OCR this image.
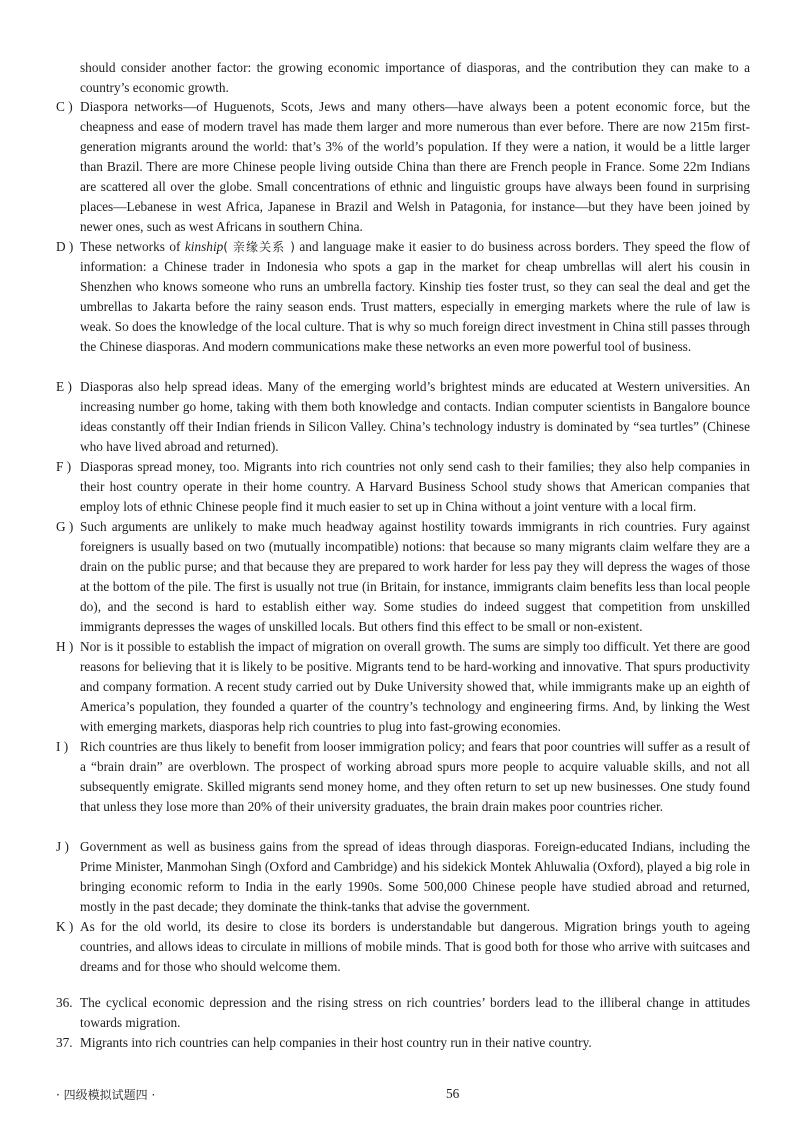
should consider another factor: the growing economic importance of diasporas, and the contribution they can make to a country’s economic growth.
C ) Diaspora networks—of Huguenots, Scots, Jews and many others—have always been a potent economic force, but the cheapness and ease of modern travel has made them larger and more numerous than ever before. There are now 215m first-generation migrants around the world: that’s 3% of the world’s population. If they were a nation, it would be a little larger than Brazil. There are more Chinese people living outside China than there are French people in France. Some 22m Indians are scattered all over the globe. Small concentrations of ethnic and linguistic groups have always been found in surprising places—Lebanese in west Africa, Japanese in Brazil and Welsh in Patagonia, for instance—but they have been joined by newer ones, such as west Africans in southern China.
D ) These networks of kinship( 亲缘关系 ) and language make it easier to do business across borders. They speed the flow of information: a Chinese trader in Indonesia who spots a gap in the market for cheap umbrellas will alert his cousin in Shenzhen who knows someone who runs an umbrella factory. Kinship ties foster trust, so they can seal the deal and get the umbrellas to Jakarta before the rainy season ends. Trust matters, especially in emerging markets where the rule of law is weak. So does the knowledge of the local culture. That is why so much foreign direct investment in China still passes through the Chinese diasporas. And modern communications make these networks an even more powerful tool of business.
E ) Diasporas also help spread ideas. Many of the emerging world’s brightest minds are educated at Western universities. An increasing number go home, taking with them both knowledge and contacts. Indian computer scientists in Bangalore bounce ideas constantly off their Indian friends in Silicon Valley. China’s technology industry is dominated by “sea turtles” (Chinese who have lived abroad and returned).
F ) Diasporas spread money, too. Migrants into rich countries not only send cash to their families; they also help companies in their host country operate in their home country. A Harvard Business School study shows that American companies that employ lots of ethnic Chinese people find it much easier to set up in China without a joint venture with a local firm.
G ) Such arguments are unlikely to make much headway against hostility towards immigrants in rich countries. Fury against foreigners is usually based on two (mutually incompatible) notions: that because so many migrants claim welfare they are a drain on the public purse; and that because they are prepared to work harder for less pay they will depress the wages of those at the bottom of the pile. The first is usually not true (in Britain, for instance, immigrants claim benefits less than local people do), and the second is hard to establish either way. Some studies do indeed suggest that competition from unskilled immigrants depresses the wages of unskilled locals. But others find this effect to be small or non-existent.
H ) Nor is it possible to establish the impact of migration on overall growth. The sums are simply too difficult. Yet there are good reasons for believing that it is likely to be positive. Migrants tend to be hard-working and innovative. That spurs productivity and company formation. A recent study carried out by Duke University showed that, while immigrants make up an eighth of America’s population, they founded a quarter of the country’s technology and engineering firms. And, by linking the West with emerging markets, diasporas help rich countries to plug into fast-growing economies.
I ) Rich countries are thus likely to benefit from looser immigration policy; and fears that poor countries will suffer as a result of a “brain drain” are overblown. The prospect of working abroad spurs more people to acquire valuable skills, and not all subsequently emigrate. Skilled migrants send money home, and they often return to set up new businesses. One study found that unless they lose more than 20% of their university graduates, the brain drain makes poor countries richer.
J ) Government as well as business gains from the spread of ideas through diasporas. Foreign-educated Indians, including the Prime Minister, Manmohan Singh (Oxford and Cambridge) and his sidekick Montek Ahluwalia (Oxford), played a big role in bringing economic reform to India in the early 1990s. Some 500,000 Chinese people have studied abroad and returned, mostly in the past decade; they dominate the think-tanks that advise the government.
K ) As for the old world, its desire to close its borders is understandable but dangerous. Migration brings youth to ageing countries, and allows ideas to circulate in millions of mobile minds. That is good both for those who arrive with suitcases and dreams and for those who should welcome them.
36. The cyclical economic depression and the rising stress on rich countries’ borders lead to the illiberal change in attitudes towards migration.
37. Migrants into rich countries can help companies in their host country run in their native country.
· 四级模拟试题四 ·	56
